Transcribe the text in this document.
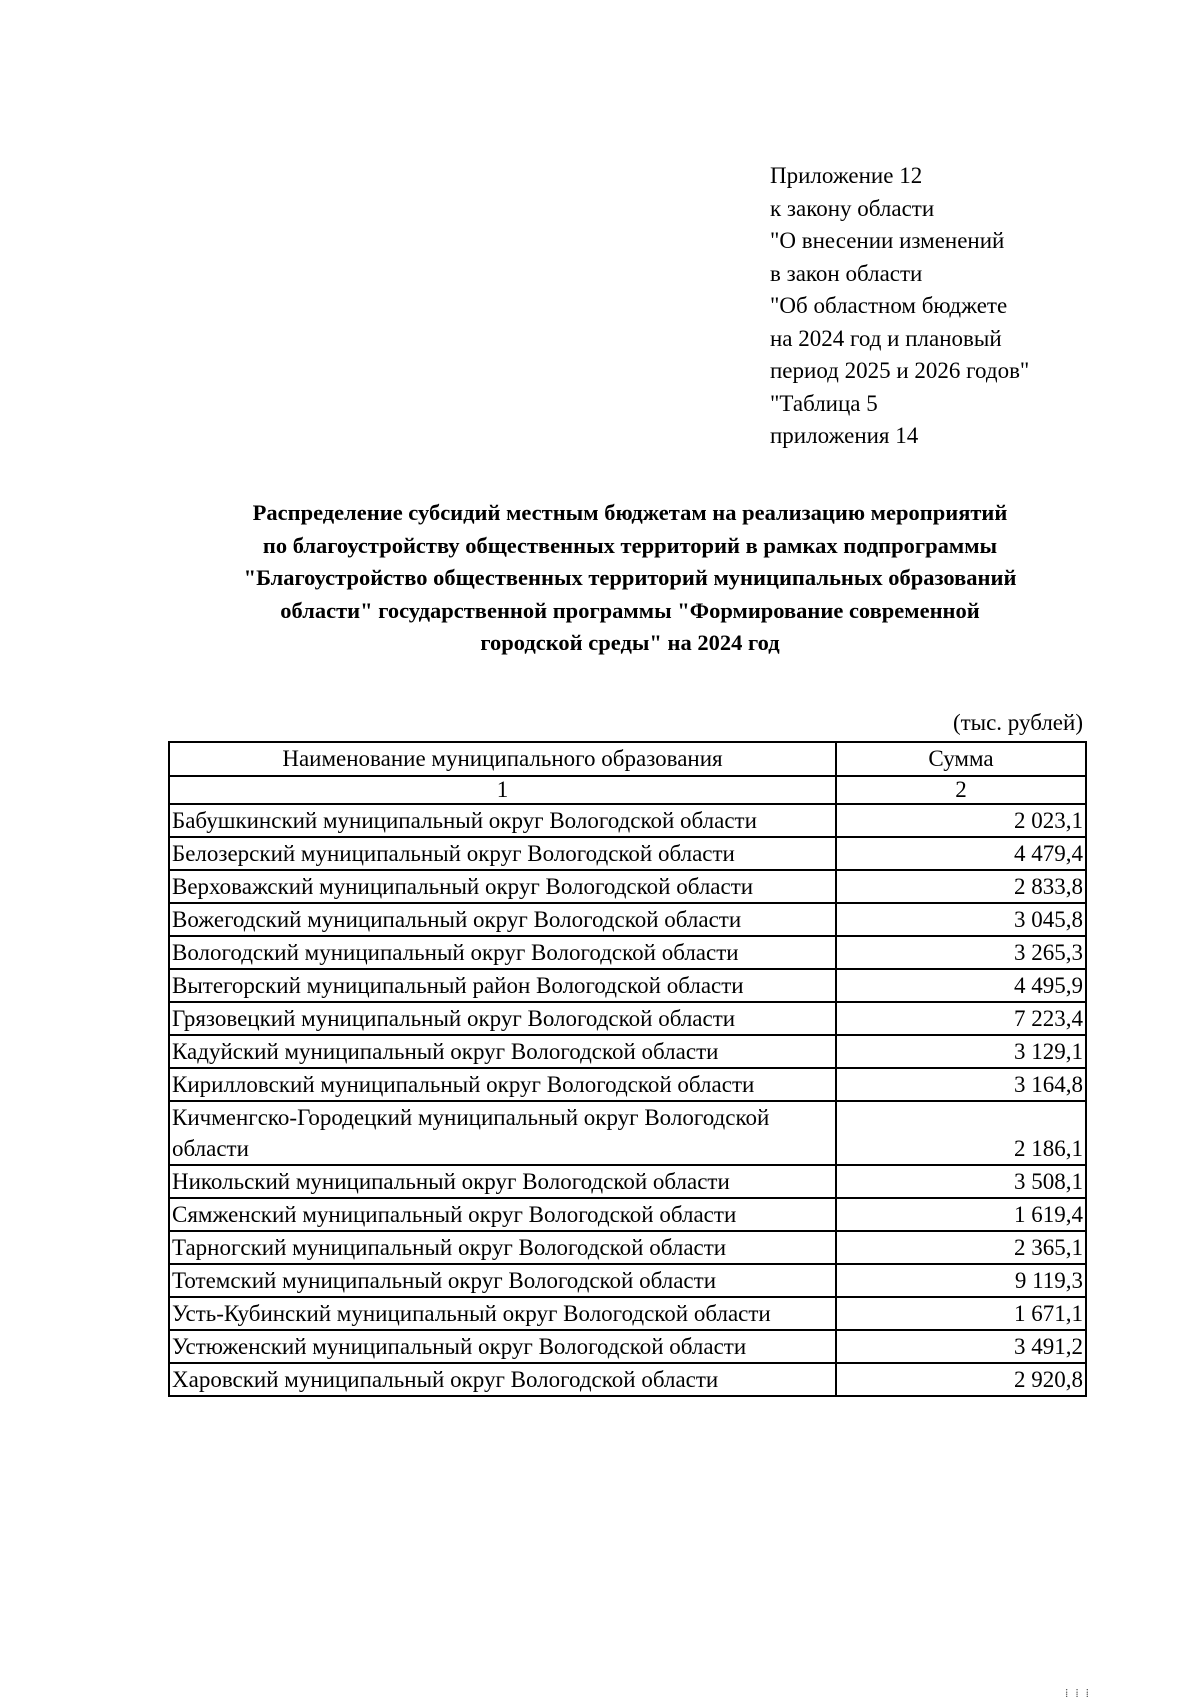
Приложение 12
к закону области
"О внесении изменений
в закон области
"Об областном бюджете
на 2024 год и плановый
период 2025 и 2026 годов"
"Таблица 5
приложения 14
Распределение субсидий местным бюджетам на реализацию мероприятий
по благоустройству общественных территорий в рамках подпрограммы
"Благоустройство общественных территорий муниципальных образований
области" государственной программы "Формирование современной
городской среды" на 2024 год
(тыс. рублей)
Наименование муниципального образования	Сумма
1	2
Бабушкинский муниципальный округ Вологодской области	2 023,1
Белозерский муниципальный округ Вологодской области	4 479,4
Верховажский муниципальный округ Вологодской области	2 833,8
Вожегодский муниципальный округ Вологодской области	3 045,8
Вологодский муниципальный округ Вологодской области	3 265,3
Вытегорский муниципальный район Вологодской области	4 495,9
Грязовецкий муниципальный округ Вологодской области	7 223,4
Кадуйский муниципальный округ Вологодской области	3 129,1
Кирилловский муниципальный округ Вологодской области	3 164,8
Кичменгско-Городецкий муниципальный округ Вологодской области	2 186,1
Никольский муниципальный округ Вологодской области	3 508,1
Сямженский муниципальный округ Вологодской области	1 619,4
Тарногский муниципальный округ Вологодской области	2 365,1
Тотемский муниципальный округ Вологодской области	9 119,3
Усть-Кубинский муниципальный округ Вологодской области	1 671,1
Устюженский муниципальный округ Вологодской области	3 491,2
Харовский муниципальный округ Вологодской области	2 920,8
⁞ ⁞ ⁞
